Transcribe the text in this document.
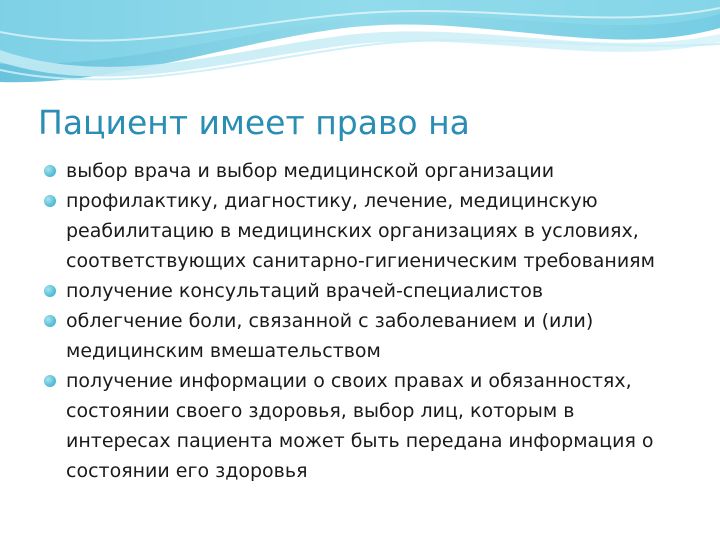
Пациент имеет право на
выбор врача и выбор медицинской организации
профилактику, диагностику, лечение, медицинскую
реабилитацию в медицинских организациях в условиях,
соответствующих санитарно-гигиеническим требованиям
получение консультаций врачей-специалистов
облегчение боли, связанной с заболеванием и (или)
медицинским вмешательством
получение информации о своих правах и обязанностях,
состоянии своего здоровья, выбор лиц, которым в
интересах пациента может быть передана информация о
состоянии его здоровья
